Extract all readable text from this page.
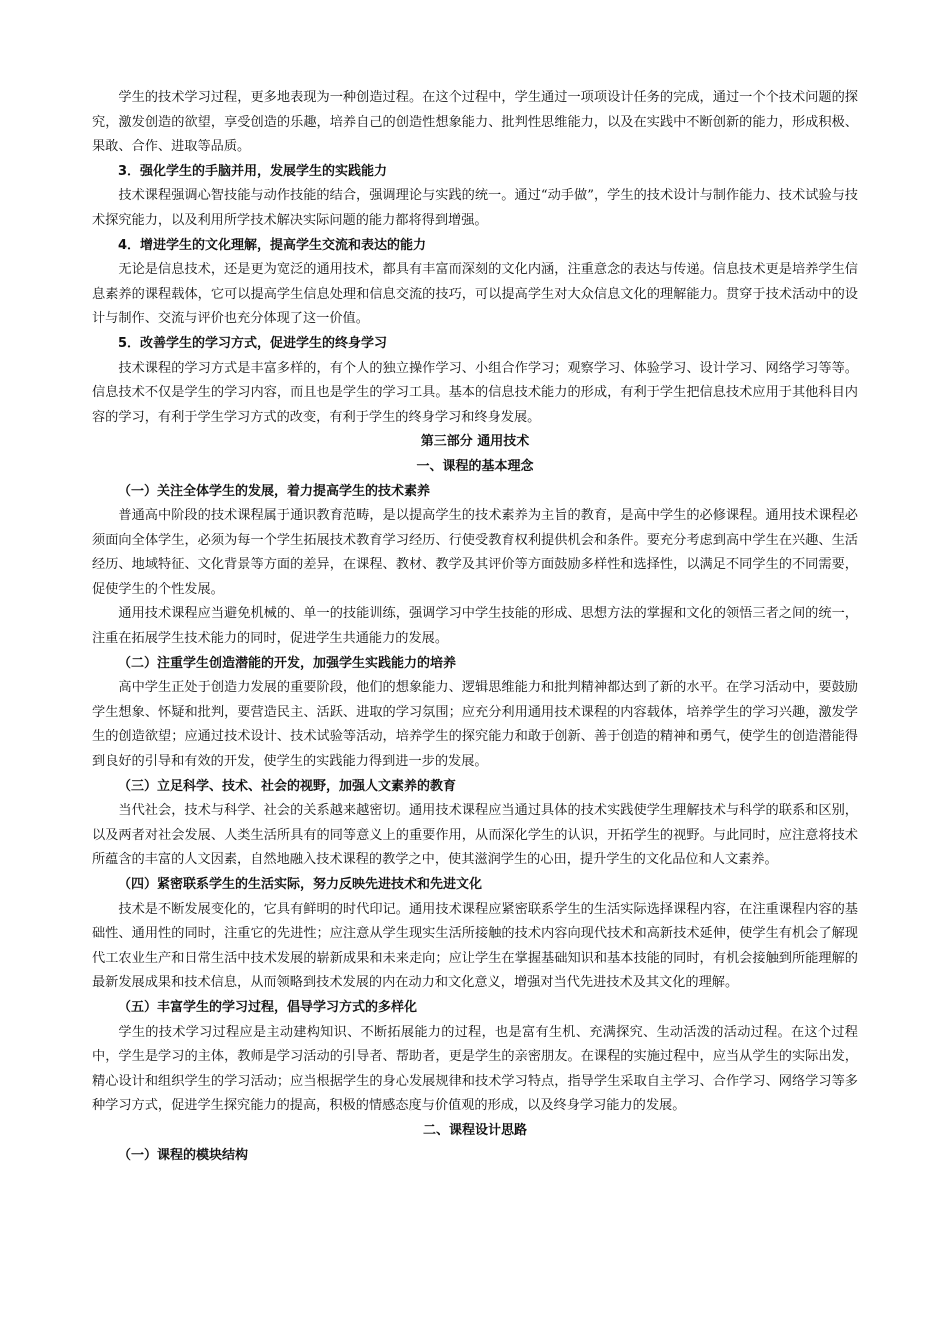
学生的技术学习过程，更多地表现为一种创造过程。在这个过程中，学生通过一项项设计任务的完成，通过一个个技术问题的探究，激发创造的欲望，享受创造的乐趣，培养自己的创造性想象能力、批判性思维能力，以及在实践中不断创新的能力，形成积极、果敢、合作、进取等品质。

3．强化学生的手脑并用，发展学生的实践能力

技术课程强调心智技能与动作技能的结合，强调理论与实践的统一。通过“动手做”，学生的技术设计与制作能力、技术试验与技术探究能力，以及利用所学技术解决实际问题的能力都将得到增强。

4．增进学生的文化理解，提高学生交流和表达的能力

无论是信息技术，还是更为宽泛的通用技术，都具有丰富而深刻的文化内涵，注重意念的表达与传递。信息技术更是培养学生信息素养的课程载体，它可以提高学生信息处理和信息交流的技巧，可以提高学生对大众信息文化的理解能力。贯穿于技术活动中的设计与制作、交流与评价也充分体现了这一价值。

5．改善学生的学习方式，促进学生的终身学习

技术课程的学习方式是丰富多样的，有个人的独立操作学习、小组合作学习；观察学习、体验学习、设计学习、网络学习等等。信息技术不仅是学生的学习内容，而且也是学生的学习工具。基本的信息技术能力的形成，有利于学生把信息技术应用于其他科目内容的学习，有利于学生学习方式的改变，有利于学生的终身学习和终身发展。

第三部分 通用技术

一、课程的基本理念

（一）关注全体学生的发展，着力提高学生的技术素养

普通高中阶段的技术课程属于通识教育范畴，是以提高学生的技术素养为主旨的教育，是高中学生的必修课程。通用技术课程必须面向全体学生，必须为每一个学生拓展技术教育学习经历、行使受教育权利提供机会和条件。要充分考虑到高中学生在兴趣、生活经历、地域特征、文化背景等方面的差异，在课程、教材、教学及其评价等方面鼓励多样性和选择性，以满足不同学生的不同需要，促使学生的个性发展。

通用技术课程应当避免机械的、单一的技能训练，强调学习中学生技能的形成、思想方法的掌握和文化的领悟三者之间的统一，注重在拓展学生技术能力的同时，促进学生共通能力的发展。

（二）注重学生创造潜能的开发，加强学生实践能力的培养

高中学生正处于创造力发展的重要阶段，他们的想象能力、逻辑思维能力和批判精神都达到了新的水平。在学习活动中，要鼓励学生想象、怀疑和批判，要营造民主、活跃、进取的学习氛围；应充分利用通用技术课程的内容载体，培养学生的学习兴趣，激发学生的创造欲望；应通过技术设计、技术试验等活动，培养学生的探究能力和敢于创新、善于创造的精神和勇气，使学生的创造潜能得到良好的引导和有效的开发，使学生的实践能力得到进一步的发展。

（三）立足科学、技术、社会的视野，加强人文素养的教育

当代社会，技术与科学、社会的关系越来越密切。通用技术课程应当通过具体的技术实践使学生理解技术与科学的联系和区别，以及两者对社会发展、人类生活所具有的同等意义上的重要作用，从而深化学生的认识，开拓学生的视野。与此同时，应注意将技术所蕴含的丰富的人文因素，自然地融入技术课程的教学之中，使其滋润学生的心田，提升学生的文化品位和人文素养。

（四）紧密联系学生的生活实际，努力反映先进技术和先进文化

技术是不断发展变化的，它具有鲜明的时代印记。通用技术课程应紧密联系学生的生活实际选择课程内容，在注重课程内容的基础性、通用性的同时，注重它的先进性；应注意从学生现实生活所接触的技术内容向现代技术和高新技术延伸，使学生有机会了解现代工农业生产和日常生活中技术发展的崭新成果和未来走向；应让学生在掌握基础知识和基本技能的同时，有机会接触到所能理解的最新发展成果和技术信息，从而领略到技术发展的内在动力和文化意义，增强对当代先进技术及其文化的理解。

（五）丰富学生的学习过程，倡导学习方式的多样化

学生的技术学习过程应是主动建构知识、不断拓展能力的过程，也是富有生机、充满探究、生动活泼的活动过程。在这个过程中，学生是学习的主体，教师是学习活动的引导者、帮助者，更是学生的亲密朋友。在课程的实施过程中，应当从学生的实际出发，精心设计和组织学生的学习活动；应当根据学生的身心发展规律和技术学习特点，指导学生采取自主学习、合作学习、网络学习等多种学习方式，促进学生探究能力的提高，积极的情感态度与价值观的形成，以及终身学习能力的发展。

二、课程设计思路

（一）课程的模块结构
